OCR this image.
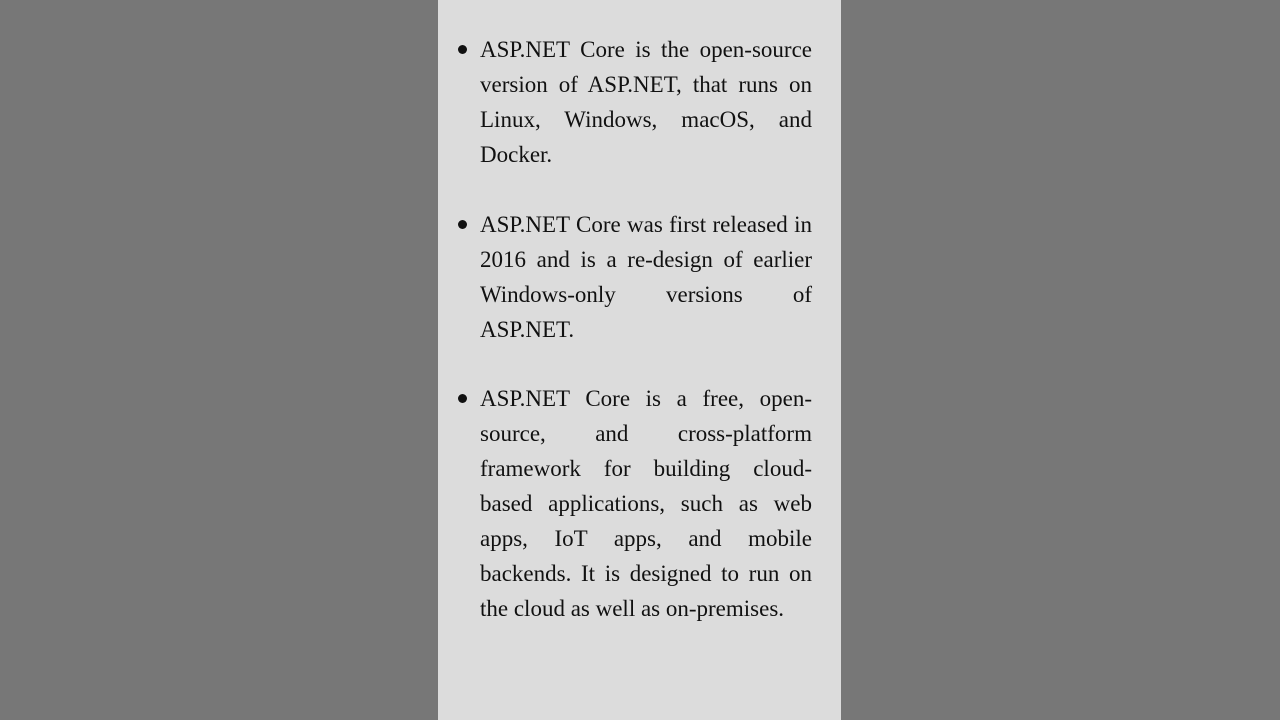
ASP.NET Core is the open-source version of ASP.NET, that runs on Linux, Windows, macOS, and Docker.
ASP.NET Core was first released in 2016 and is a re-design of earlier Windows-only versions of ASP.NET.
ASP.NET Core is a free, open-source, and cross-platform framework for building cloud-based applications, such as web apps, IoT apps, and mobile backends. It is designed to run on the cloud as well as on-premises.
